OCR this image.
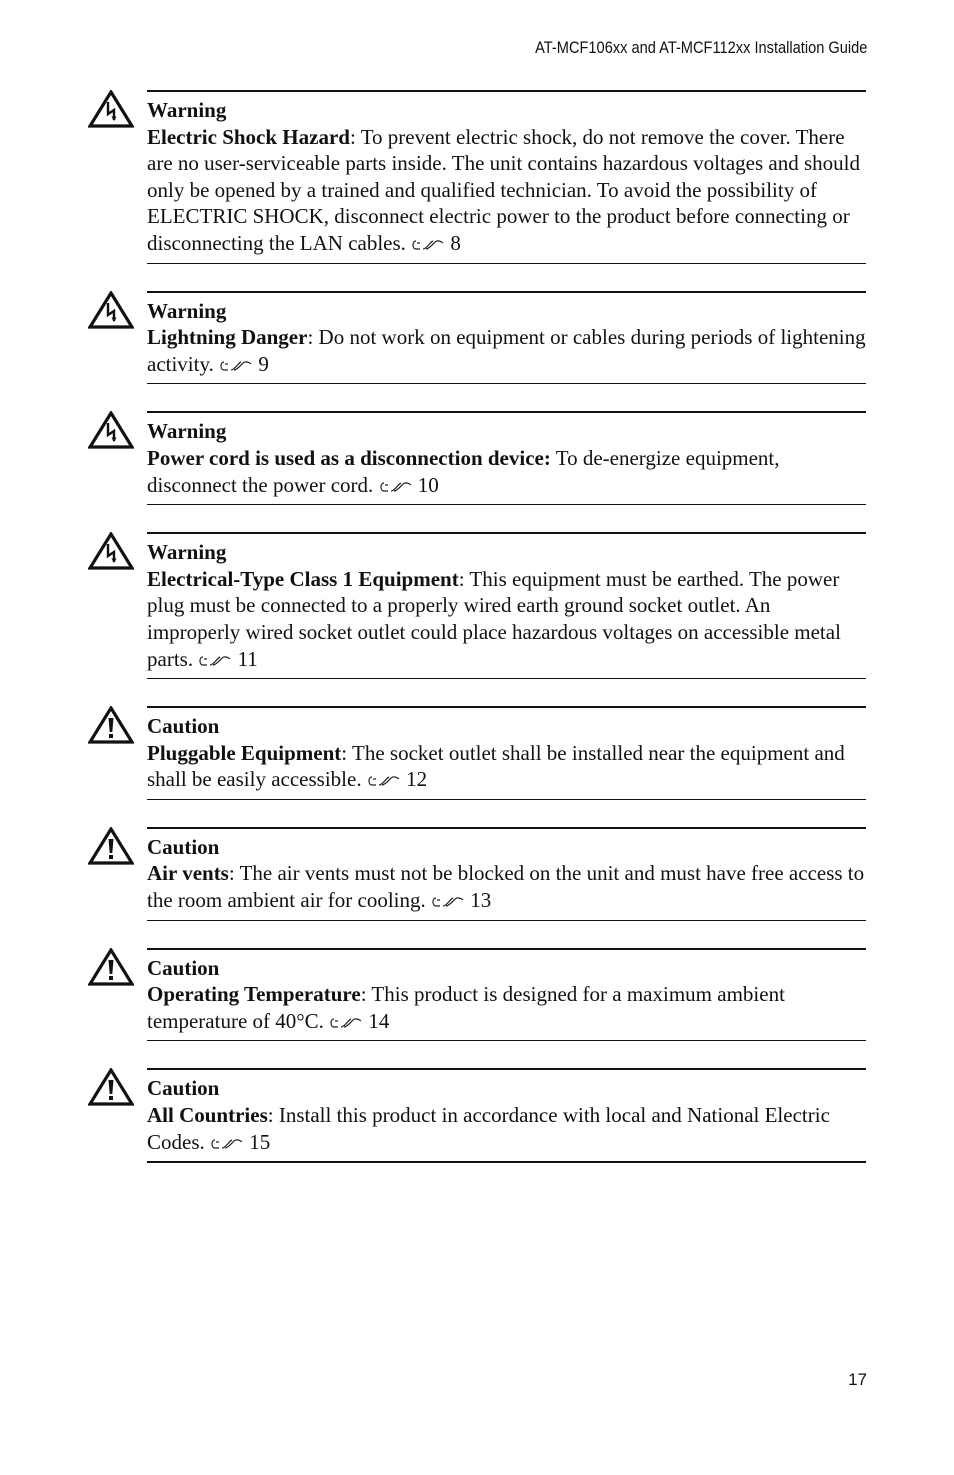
AT-MCF106xx and AT-MCF112xx Installation Guide
Warning
Electric Shock Hazard: To prevent electric shock, do not remove the cover. There are no user-serviceable parts inside. The unit contains hazardous voltages and should only be opened by a trained and qualified technician. To avoid the possibility of ELECTRIC SHOCK, disconnect electric power to the product before connecting or disconnecting the LAN cables. 8
Warning
Lightning Danger: Do not work on equipment or cables during periods of lightening activity. 9
Warning
Power cord is used as a disconnection device: To de-energize equipment, disconnect the power cord. 10
Warning
Electrical-Type Class 1 Equipment: This equipment must be earthed. The power plug must be connected to a properly wired earth ground socket outlet. An improperly wired socket outlet could place hazardous voltages on accessible metal parts. 11
Caution
Pluggable Equipment: The socket outlet shall be installed near the equipment and shall be easily accessible. 12
Caution
Air vents: The air vents must not be blocked on the unit and must have free access to the room ambient air for cooling. 13
Caution
Operating Temperature: This product is designed for a maximum ambient temperature of 40°C. 14
Caution
All Countries: Install this product in accordance with local and National Electric Codes. 15
17
